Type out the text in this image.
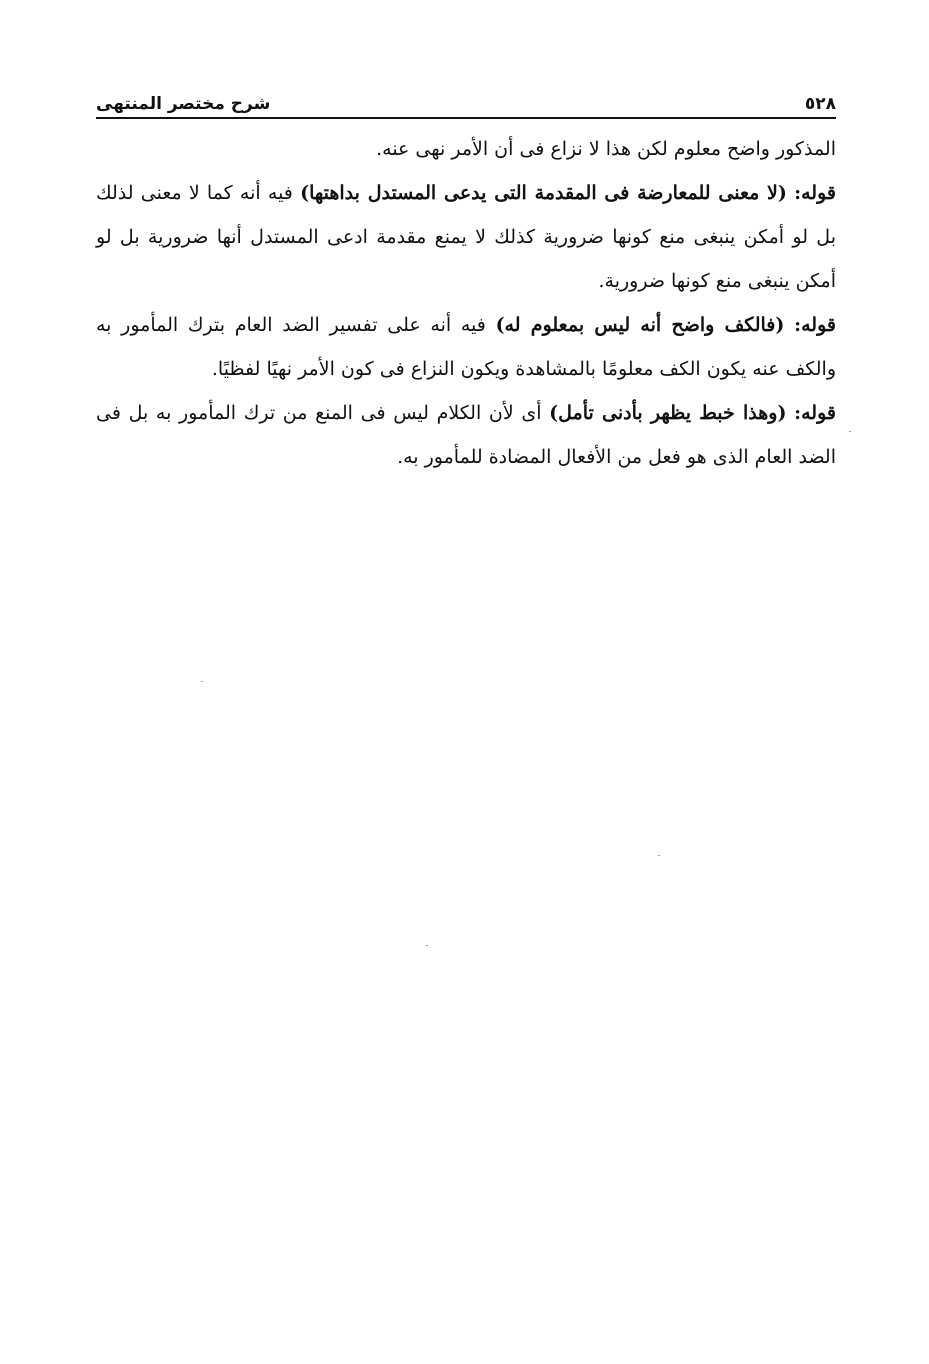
٥٢٨
شرح مختصر المنتهى

المذكور واضح معلوم لكن هذا لا نزاع فى أن الأمر نهى عنه.

قوله: (لا معنى للمعارضة فى المقدمة التى يدعى المستدل بداهتها) فيه أنه كما لا معنى لذلك بل لو أمكن ينبغى منع كونها ضرورية كذلك لا يمنع مقدمة ادعى المستدل أنها ضرورية بل لو أمكن ينبغى منع كونها ضرورية.

قوله: (فالكف واضح أنه ليس بمعلوم له) فيه أنه على تفسير الضد العام بترك المأمور به والكف عنه يكون الكف معلومًا بالمشاهدة ويكون النزاع فى كون الأمر نهيًا لفظيًا.

قوله: (وهذا خبط يظهر بأدنى تأمل) أى لأن الكلام ليس فى المنع من ترك المأمور به بل فى الضد العام الذى هو فعل من الأفعال المضادة للمأمور به.
